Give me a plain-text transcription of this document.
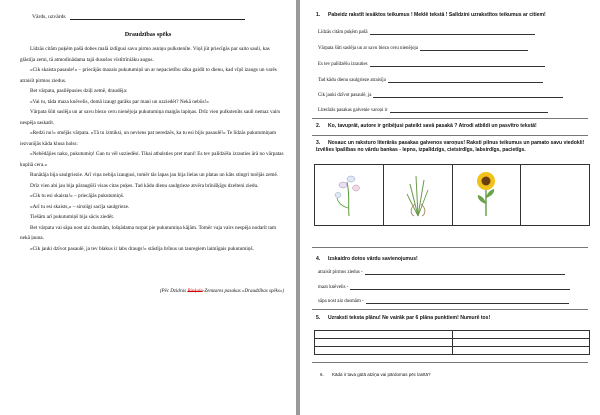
Vārds, uzvārds
Draudzības spēks

Līdzās citām puķēm pašā dobes malā izdīgusi savu pirmo asniņu pulkstenīte. Viņš jūt priecīgās par saito sauli, kas glāstīja zemi, tā atmodinādama tajā dusošos vīstītrīniāku augus.

«Cik skaista pasaule!» – priecājās mazais pukutumiņš un ar nepacietību sāka gaidīt to dienu, kad vīņš izaugs un varēs atraisīt pirmos ziedus.

Bet vārpata, pasilēpusies dziļi zemē, draudēja:

«Vai tu, tāda maza knēvelis, domā izaugt garāks par mani un uzziedēt? Nekā nebūs!»

Vārpata šūti saslēja un ar savu biezo ceru nienējoja pukutumiņa maigās lapiņas. Drīz vien pulkstenīts sauli nemaz vairs nespēja saskatīt.

«Redzi nu!» smējās vārpata. «Tā tu izmiksi, un neviens pat neredzēs, ka tu esi bijis pasaulē!» Te līdzās pukutumiņam iezvanījās kāda klusa balss:

«Nebēdājies nako, pukutumiņ! Gan tu vēl uzziedēsi. Tikai atbalsties pret mani! Es tev palīdzēšu izrauties ārā no vārpatas kupliā cera.»

Runātāja bija saulgriezie. Arī viņa nebija izaugusi, tomēr tās lapas jau bija lielas un platas un kāts stingri turējās zemē.

Drīz vien abi jau bija pāraugūši visas citas puķes. Tad kādu dienu saulgrieze atvēra brīnišķīgu dzelteni ziedu.

«Cik tu esi skaista!» – priecājās pukutumiņš.

«Arī tu esi skaists,» – sirsnīgi sacīja saulgrieze.

Tiešām arī pukutumiņš bija sācis ziedēt.

Bet vārpata vai sāpa nost aiz dusmām, lošņādama turpat pie pukutumiņa kājām. Tomēr vaja vairs nespēja nodarīt tam nekā ļauna.

«Cik jauki dzīvot pasaulē, ja tev blakus ir labs draugs!» stāstīja brīnus un tauregiem laimīgais pukutumiņš.

(Pēc Dzidras Rinķule-Zemzares pasakas «Draudzības spēks»)
1. Pabeidz rakstīt iesāktos teikumus ! Meklē tekstā ! Salīdzini uzrakstītos teikumus ar citiem!
Līdzās citām puķēm pašā
Vārpata šūti saslēja un ar savu biezo ceru nienējoja
Es tev palīdzēšu izrauties
Tad kādu dienu saulgrieze atraisīja
Cik jauki dzīvot pasaulē, ja
Literārās pasakas galvenie varoņi ir
2. Ko, tavuprāt, autore ir gribējusi pateikt savā pasakā ? Atrodi atbildi un pasvītro tekstā!
3. Nosauc un raksturo literārās pasakas galvenos varoņus! Raksti pilnus teikumus un pamato savu viedokli! Izvēlies īpašības no vārdu bankas - lepns, izpalīdzīgs, cietsirdīgs, labsirdīgs, pacietīgs.

4. Izskaidro dotos vārdu savienojumus!
atraisīt pirmos ziedus -
mazs knēvelis -
sāpa nost aiz dusmām -
5. Uzraksti teksta plānu! Ne vairāk par 6 plāna punktiem! Numurē tos!

6. Kāda ir tava gūtā atziņa vai pārdomas pēc lasītā?
